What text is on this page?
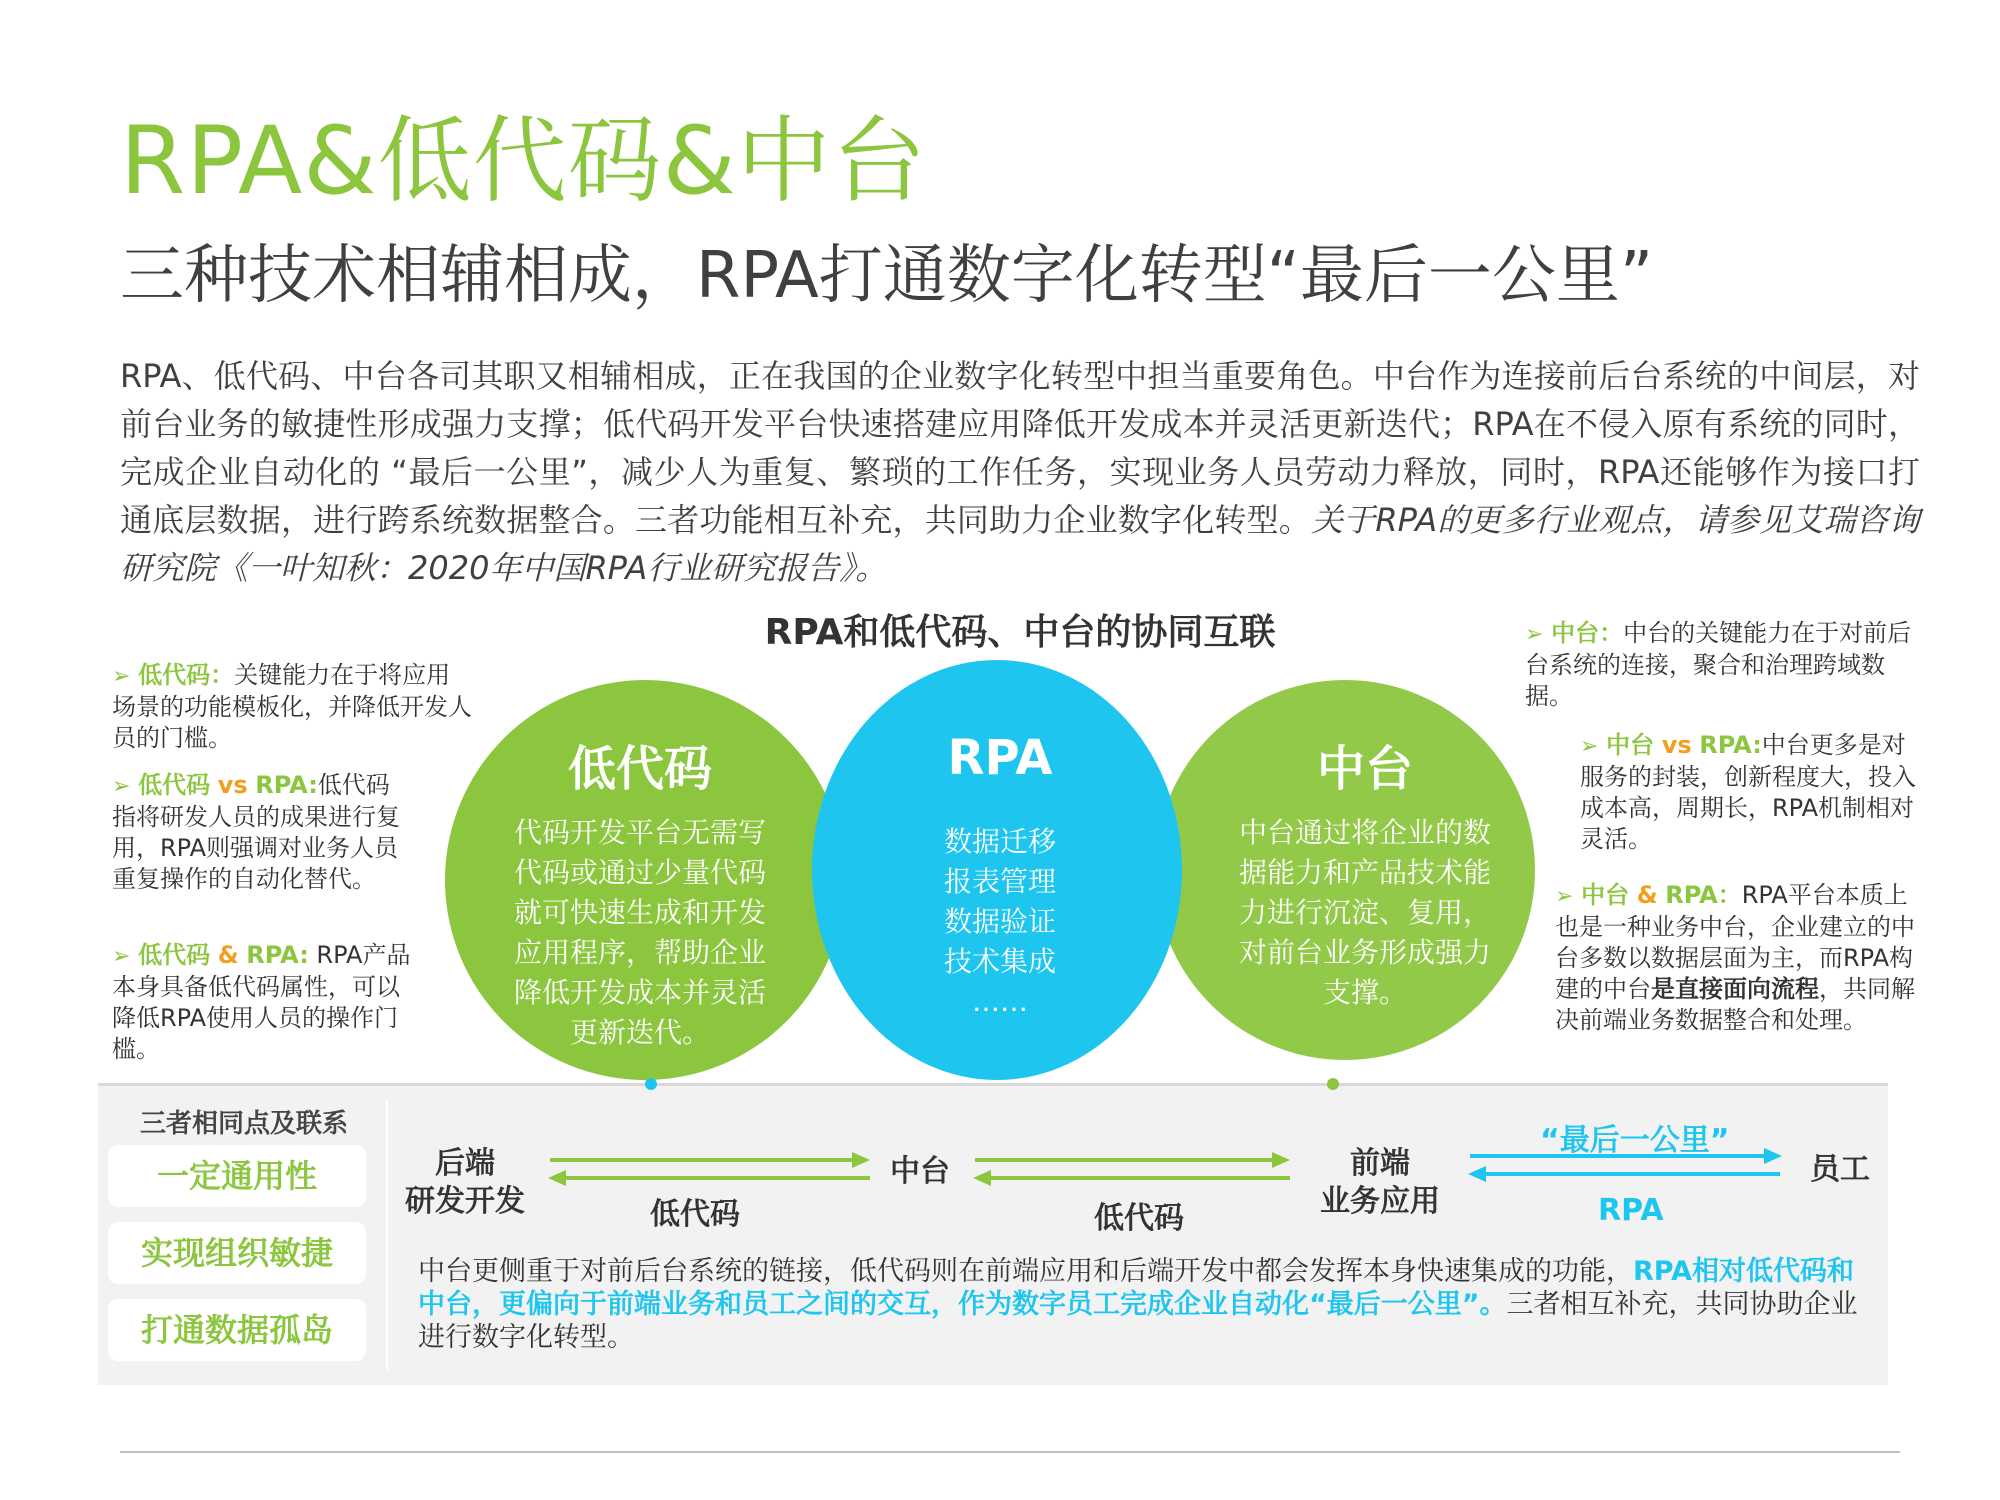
RPA&低代码&中台
三种技术相辅相成，RPA打通数字化转型“最后一公里”
RPA、低代码、中台各司其职又相辅相成，正在我国的企业数字化转型中担当重要角色。中台作为连接前后台系统的中间层，对前台业务的敏捷性形成强力支撑；低代码开发平台快速搭建应用降低开发成本并灵活更新迭代；RPA在不侵入原有系统的同时，完成企业自动化的 “最后一公里”，减少人为重复、繁琐的工作任务，实现业务人员劳动力释放，同时，RPA还能够作为接口打通底层数据，进行跨系统数据整合。三者功能相互补充，共同助力企业数字化转型。关于RPA的更多行业观点，请参见艾瑞咨询研究院《一叶知秋：2020年中国RPA行业研究报告》。
RPA和低代码、中台的协同互联
低代码
代码开发平台无需写
代码或通过少量代码
就可快速生成和开发
应用程序，帮助企业
降低开发成本并灵活
更新迭代。
RPA
数据迁移
报表管理
数据验证
技术集成
……
中台
中台通过将企业的数
据能力和产品技术能
力进行沉淀、复用，
对前台业务形成强力
支撑。
➢ 低代码：关键能力在于将应用场景的功能模板化，并降低开发人员的门槛。
➢ 低代码 vs RPA:低代码指将研发人员的成果进行复用，RPA则强调对业务人员重复操作的自动化替代。
➢ 低代码 & RPA: RPA产品本身具备低代码属性，可以降低RPA使用人员的操作门槛。
➢ 中台：中台的关键能力在于对前后台系统的连接，聚合和治理跨域数据。
➢ 中台 vs RPA:中台更多是对服务的封装，创新程度大，投入成本高，周期长，RPA机制相对灵活。
➢ 中台 & RPA：RPA平台本质上也是一种业务中台，企业建立的中台多数以数据层面为主，而RPA构建的中台是直接面向流程，共同解决前端业务数据整合和处理。
三者相同点及联系
一定通用性
实现组织敏捷
打通数据孤岛
后端
研发开发
中台	前端
业务应用
员工
低代码	低代码
“最后一公里”
RPA
中台更侧重于对前后台系统的链接，低代码则在前端应用和后端开发中都会发挥本身快速集成的功能，RPA相对低代码和中台，更偏向于前端业务和员工之间的交互，作为数字员工完成企业自动化“最后一公里”。三者相互补充，共同协助企业进行数字化转型。
